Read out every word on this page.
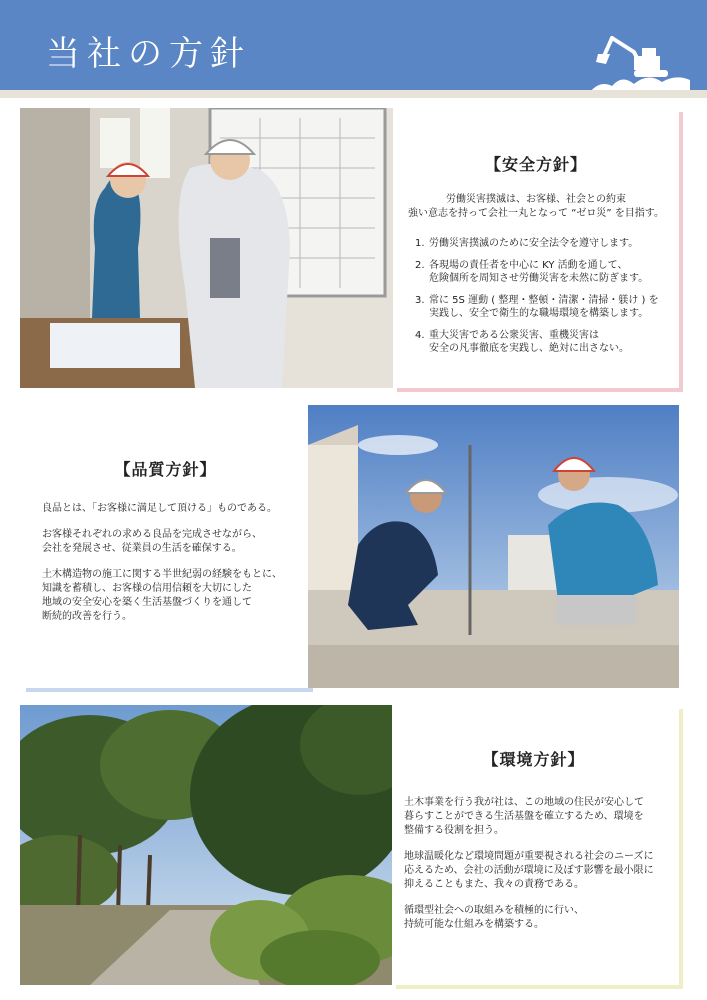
当社の方針
【安全方針】
労働災害撲滅は、お客様、社会との約束
強い意志を持って会社一丸となって “ゼロ災” を目指す。
1. 労働災害撲滅のために安全法令を遵守します。
2. 各現場の責任者を中心に KY 活動を通して、
危険個所を周知させ労働災害を未然に防ぎます。
3. 常に 5S 運動 ( 整理・整頓・清潔・清掃・躾け ) を
実践し、安全で衛生的な職場環境を構築します。
4. 重大災害である公衆災害、重機災害は
安全の凡事徹底を実践し、絶対に出さない。
【品質方針】

良品とは、「お客様に満足して頂ける」ものである。

お客様それぞれの求める良品を完成させながら、
会社を発展させ、従業員の生活を確保する。

土木構造物の施工に関する半世紀弱の経験をもとに、
知識を蓄積し、お客様の信用信頼を大切にした
地域の安全安心を築く生活基盤づくりを通して
断続的改善を行う。

【環境方針】

土木事業を行う我が社は、この地域の住民が安心して
暮らすことができる生活基盤を確立するため、環境を
整備する役割を担う。

地球温暖化など環境問題が重要視される社会のニーズに
応えるため、会社の活動が環境に及ぼす影響を最小限に
抑えることもまた、我々の責務である。

循環型社会への取組みを積極的に行い、
持続可能な仕組みを構築する。
